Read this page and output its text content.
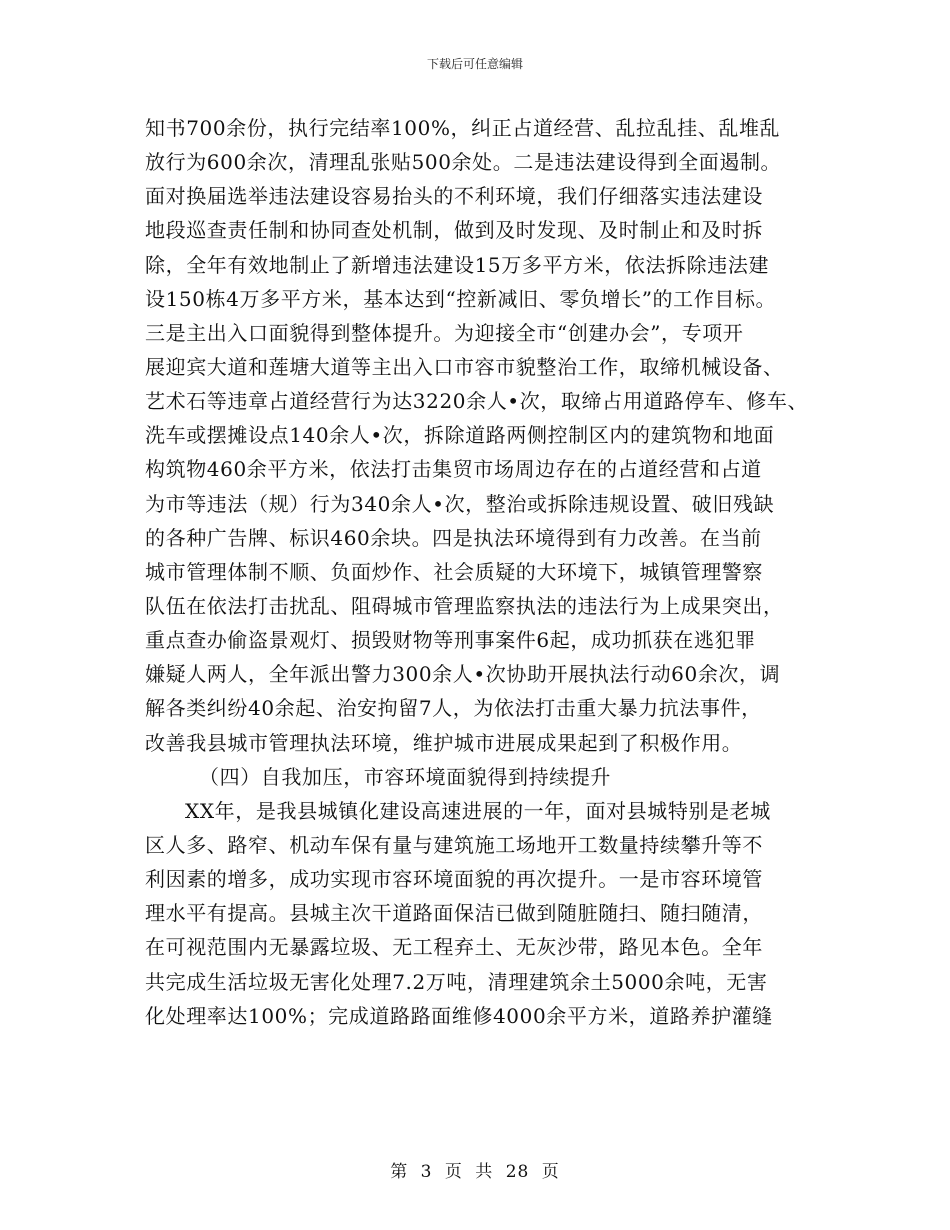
下载后可任意编辑
知书700余份，执行完结率100%，纠正占道经营、乱拉乱挂、乱堆乱
放行为600余次，清理乱张贴500余处。二是违法建设得到全面遏制。
面对换届选举违法建设容易抬头的不利环境，我们仔细落实违法建设
地段巡查责任制和协同查处机制，做到及时发现、及时制止和及时拆
除，全年有效地制止了新增违法建设15万多平方米，依法拆除违法建
设150栋4万多平方米，基本达到“控新减旧、零负增长”的工作目标。
三是主出入口面貌得到整体提升。为迎接全市“创建办会”，专项开
展迎宾大道和莲塘大道等主出入口市容市貌整治工作，取缔机械设备、
艺术石等违章占道经营行为达3220余人•次，取缔占用道路停车、修车、
洗车或摆摊设点140余人•次，拆除道路两侧控制区内的建筑物和地面
构筑物460余平方米，依法打击集贸市场周边存在的占道经营和占道
为市等违法（规）行为340余人•次，整治或拆除违规设置、破旧残缺
的各种广告牌、标识460余块。四是执法环境得到有力改善。在当前
城市管理体制不顺、负面炒作、社会质疑的大环境下，城镇管理警察
队伍在依法打击扰乱、阻碍城市管理监察执法的违法行为上成果突出，
重点查办偷盗景观灯、损毁财物等刑事案件6起，成功抓获在逃犯罪
嫌疑人两人，全年派出警力300余人•次协助开展执法行动60余次，调
解各类纠纷40余起、治安拘留7人，为依法打击重大暴力抗法事件，
改善我县城市管理执法环境，维护城市进展成果起到了积极作用。
（四）自我加压，市容环境面貌得到持续提升
XX年，是我县城镇化建设高速进展的一年，面对县城特别是老城
区人多、路窄、机动车保有量与建筑施工场地开工数量持续攀升等不
利因素的增多，成功实现市容环境面貌的再次提升。一是市容环境管
理水平有提高。县城主次干道路面保洁已做到随脏随扫、随扫随清，
在可视范围内无暴露垃圾、无工程弃土、无灰沙带，路见本色。全年
共完成生活垃圾无害化处理7.2万吨，清理建筑余土5000余吨，无害
化处理率达100%；完成道路路面维修4000余平方米，道路养护灌缝
第 3 页 共 28 页
